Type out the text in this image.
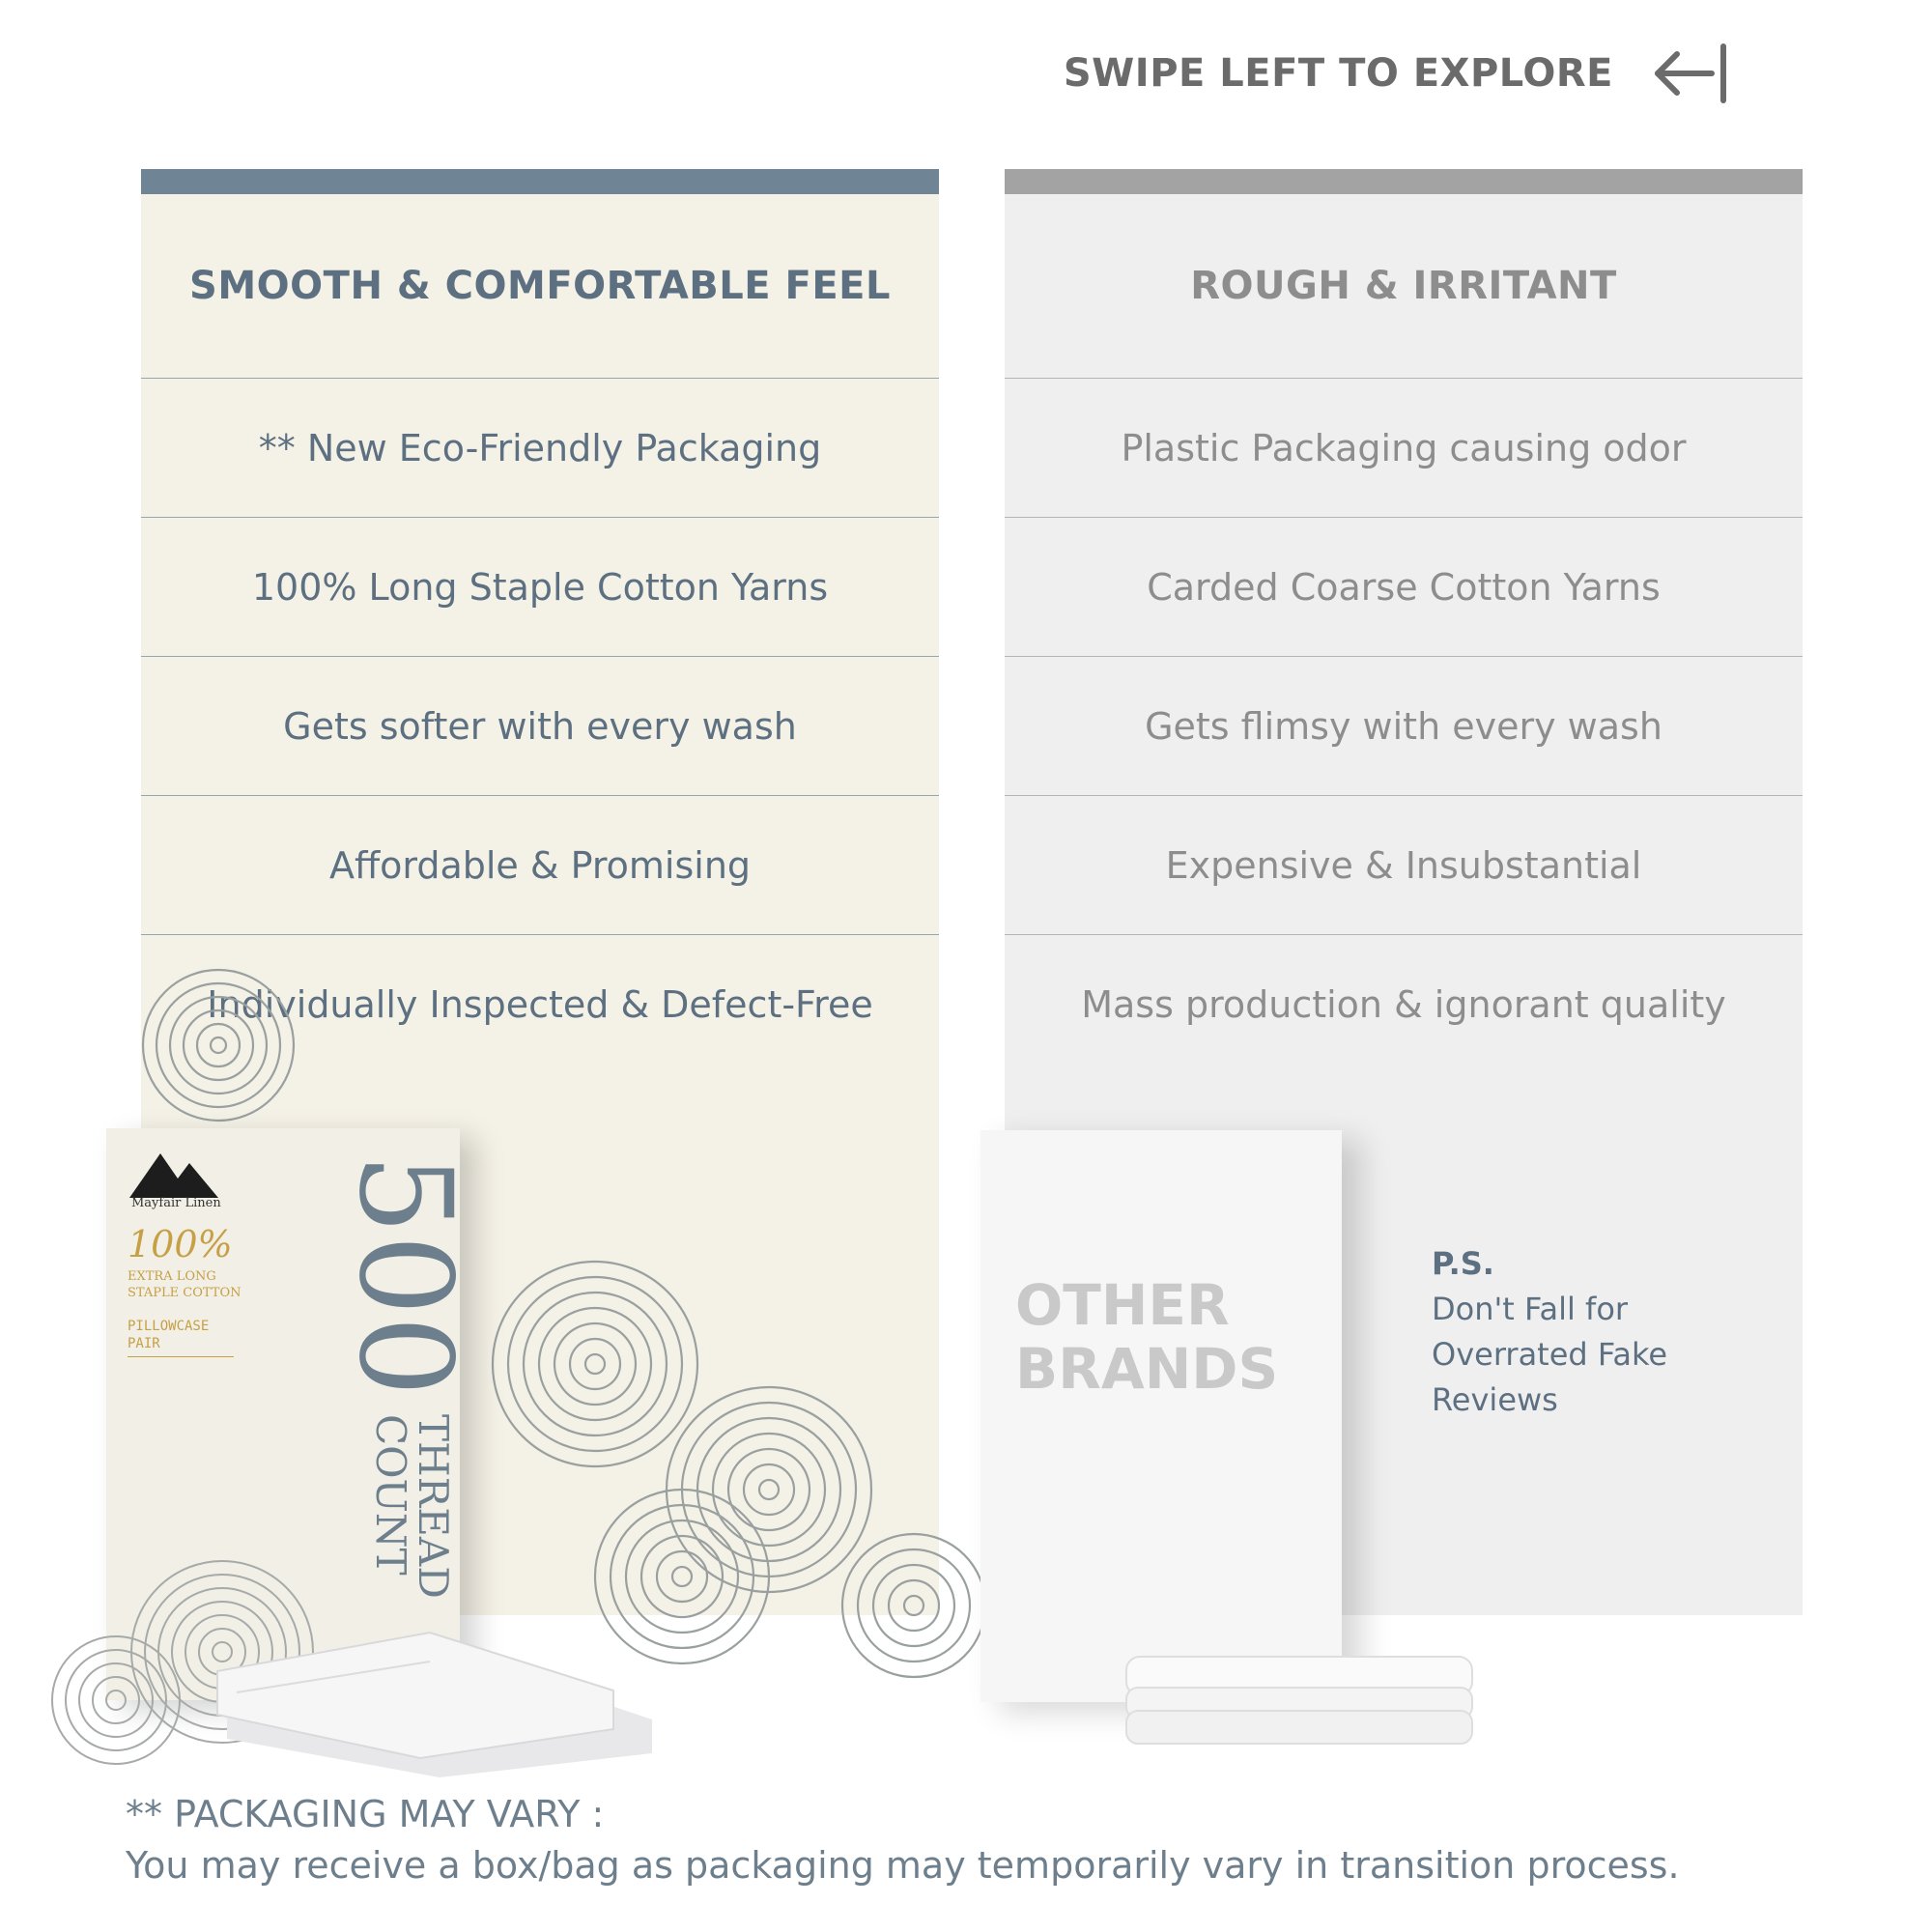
SWIPE LEFT TO EXPLORE
SMOOTH & COMFORTABLE FEEL
** New Eco-Friendly Packaging
100% Long Staple Cotton Yarns
Gets softer with every wash
Affordable & Promising
Individually Inspected & Defect-Free
ROUGH & IRRITANT
Plastic Packaging causing odor
Carded Coarse Cotton Yarns
Gets flimsy with every wash
Expensive & Insubstantial
Mass production & ignorant quality
Mayfair Linen
100%
EXTRA LONG STAPLE COTTON
PILLOWCASE PAIR	500
THREAD
COUNT
OTHER
BRANDS
P.S.
Don't Fall for
Overrated Fake
Reviews
** PACKAGING MAY VARY :
You may receive a box/bag as packaging may temporarily vary in transition process.
